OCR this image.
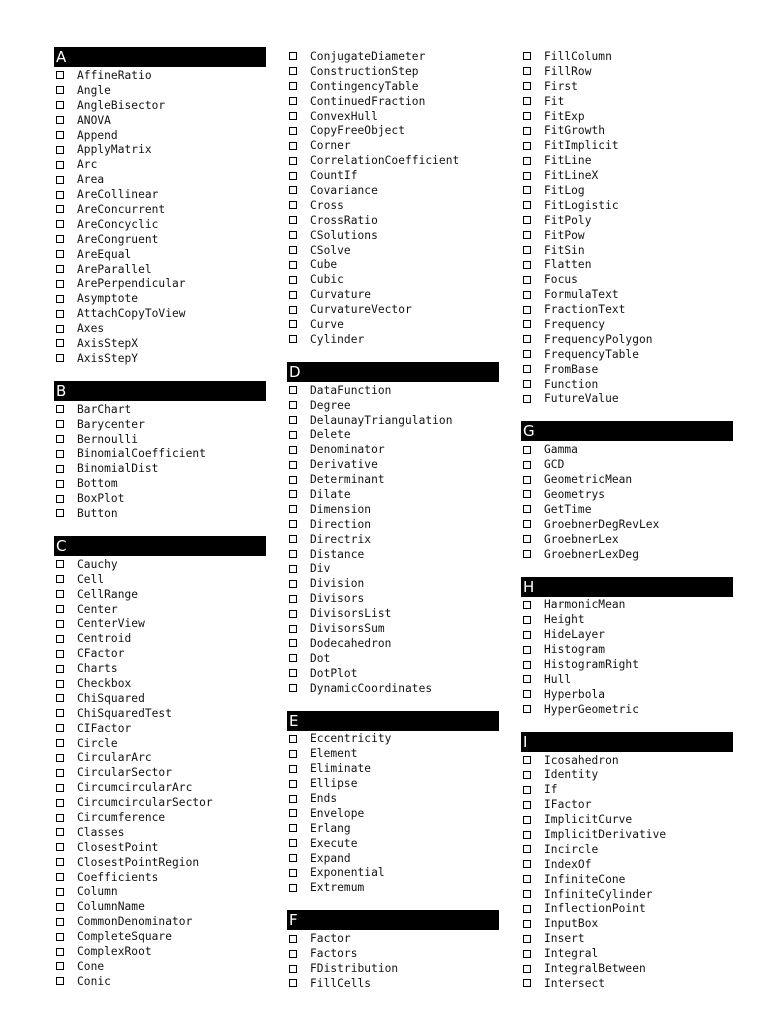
A
AffineRatio
Angle
AngleBisector
ANOVA
Append
ApplyMatrix
Arc
Area
AreCollinear
AreConcurrent
AreConcyclic
AreCongruent
AreEqual
AreParallel
ArePerpendicular
Asymptote
AttachCopyToView
Axes
AxisStepX
AxisStepY
B
BarChart
Barycenter
Bernoulli
BinomialCoefficient
BinomialDist
Bottom
BoxPlot
Button
C
Cauchy
Cell
CellRange
Center
CenterView
Centroid
CFactor
Charts
Checkbox
ChiSquared
ChiSquaredTest
CIFactor
Circle
CircularArc
CircularSector
CircumcircularArc
CircumcircularSector
Circumference
Classes
ClosestPoint
ClosestPointRegion
Coefficients
Column
ColumnName
CommonDenominator
CompleteSquare
ComplexRoot
Cone
Conic
ConjugateDiameter
ConstructionStep
ContingencyTable
ContinuedFraction
ConvexHull
CopyFreeObject
Corner
CorrelationCoefficient
CountIf
Covariance
Cross
CrossRatio
CSolutions
CSolve
Cube
Cubic
Curvature
CurvatureVector
Curve
Cylinder
D
DataFunction
Degree
DelaunayTriangulation
Delete
Denominator
Derivative
Determinant
Dilate
Dimension
Direction
Directrix
Distance
Div
Division
Divisors
DivisorsList
DivisorsSum
Dodecahedron
Dot
DotPlot
DynamicCoordinates
E
Eccentricity
Element
Eliminate
Ellipse
Ends
Envelope
Erlang
Execute
Expand
Exponential
Extremum
F
Factor
Factors
FDistribution
FillCells
FillColumn
FillRow
First
Fit
FitExp
FitGrowth
FitImplicit
FitLine
FitLineX
FitLog
FitLogistic
FitPoly
FitPow
FitSin
Flatten
Focus
FormulaText
FractionText
Frequency
FrequencyPolygon
FrequencyTable
FromBase
Function
FutureValue
G
Gamma
GCD
GeometricMean
Geometrys
GetTime
GroebnerDegRevLex
GroebnerLex
GroebnerLexDeg
H
HarmonicMean
Height
HideLayer
Histogram
HistogramRight
Hull
Hyperbola
HyperGeometric
I
Icosahedron
Identity
If
IFactor
ImplicitCurve
ImplicitDerivative
Incircle
IndexOf
InfiniteCone
InfiniteCylinder
InflectionPoint
InputBox
Insert
Integral
IntegralBetween
Intersect
